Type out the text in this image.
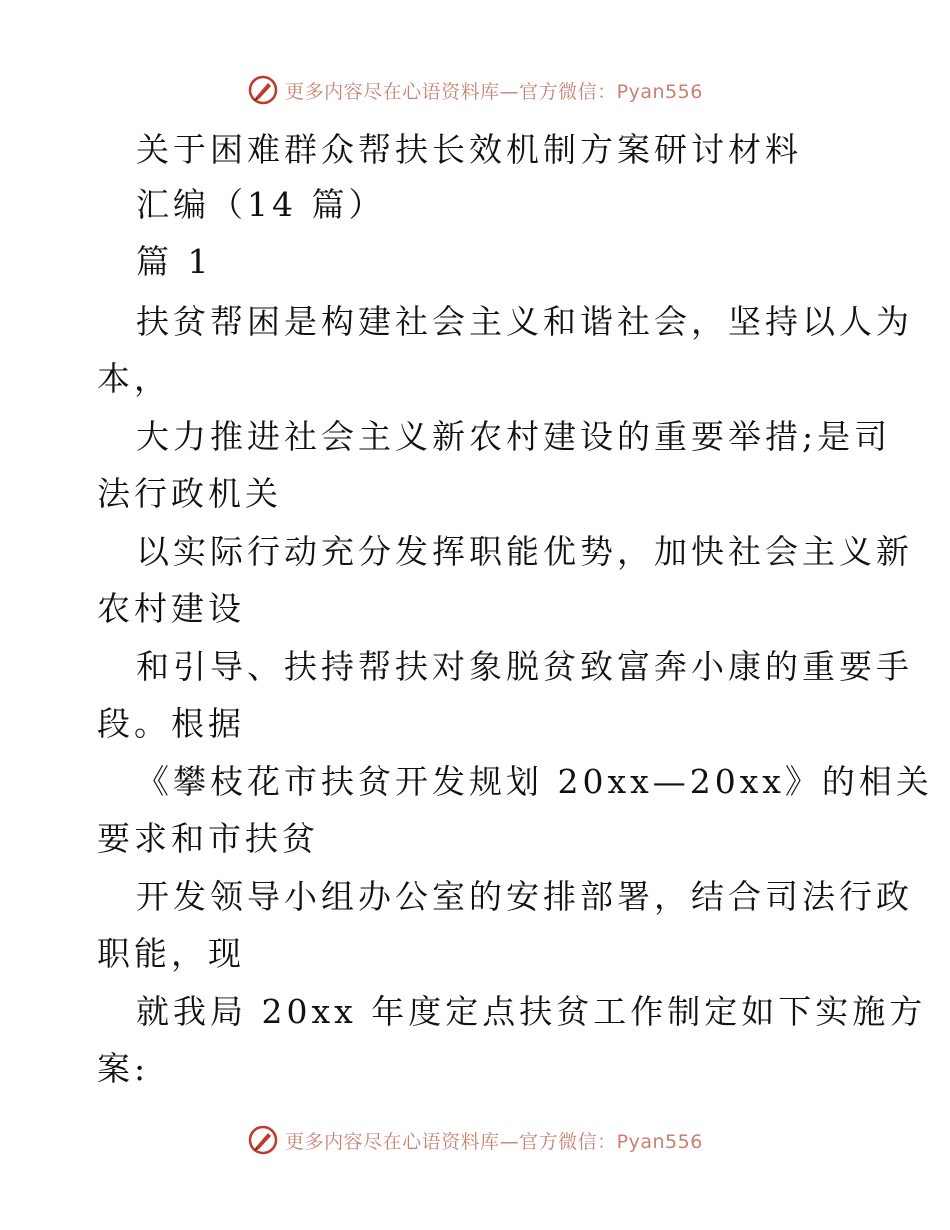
更多内容尽在心语资料库—官方微信：Pyan556
关于困难群众帮扶长效机制方案研讨材料
汇编（14 篇）
篇 1
扶贫帮困是构建社会主义和谐社会，坚持以人为
本，
大力推进社会主义新农村建设的重要举措;是司
法行政机关
以实际行动充分发挥职能优势，加快社会主义新
农村建设
和引导、扶持帮扶对象脱贫致富奔小康的重要手
段。根据
《攀枝花市扶贫开发规划 20xx—20xx》的相关
要求和市扶贫
开发领导小组办公室的安排部署，结合司法行政
职能，现
就我局 20xx 年度定点扶贫工作制定如下实施方
案:
更多内容尽在心语资料库—官方微信：Pyan556
